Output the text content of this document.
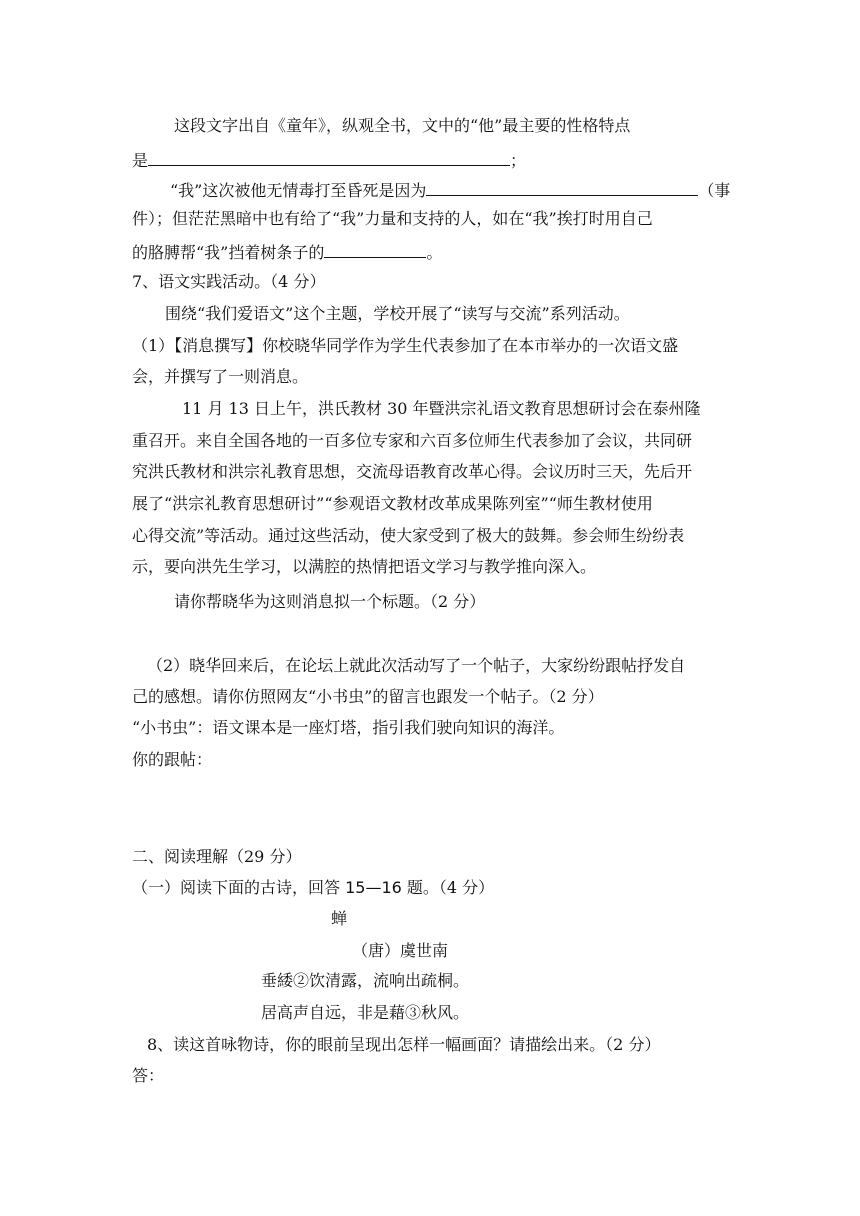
这段文字出自《童年》，纵观全书，文中的“他”最主要的性格特点
是	；
“我”这次被他无情毒打至昏死是因为	（事
件）；但茫茫黑暗中也有给了“我”力量和支持的人，如在“我”挨打时用自己
的胳膊帮“我”挡着树条子的	。
7、语文实践活动。（4 分）
围绕“我们爱语文”这个主题，学校开展了“读写与交流”系列活动。
（1）【消息撰写】你校晓华同学作为学生代表参加了在本市举办的一次语文盛
会，并撰写了一则消息。
11 月 13 日上午，洪氏教材 30 年暨洪宗礼语文教育思想研讨会在泰州隆
重召开。来自全国各地的一百多位专家和六百多位师生代表参加了会议，共同研
究洪氏教材和洪宗礼教育思想，交流母语教育改革心得。会议历时三天，先后开
展了“洪宗礼教育思想研讨”“参观语文教材改革成果陈列室”“师生教材使用
心得交流”等活动。通过这些活动，使大家受到了极大的鼓舞。参会师生纷纷表
示，要向洪先生学习，以满腔的热情把语文学习与教学推向深入。
请你帮晓华为这则消息拟一个标题。（2 分）
（2）晓华回来后，在论坛上就此次活动写了一个帖子，大家纷纷跟帖抒发自
己的感想。请你仿照网友“小书虫”的留言也跟发一个帖子。（2 分）
“小书虫”：语文课本是一座灯塔，指引我们驶向知识的海洋。
你的跟帖：
二、阅读理解（29 分）
（一）阅读下面的古诗，回答 15—16 题。（4 分）
蝉
（唐）虞世南
垂緌②饮清露，流响出疏桐。
居高声自远，非是藉③秋风。
8、读这首咏物诗，你的眼前呈现出怎样一幅画面？请描绘出来。（2 分）
答：
